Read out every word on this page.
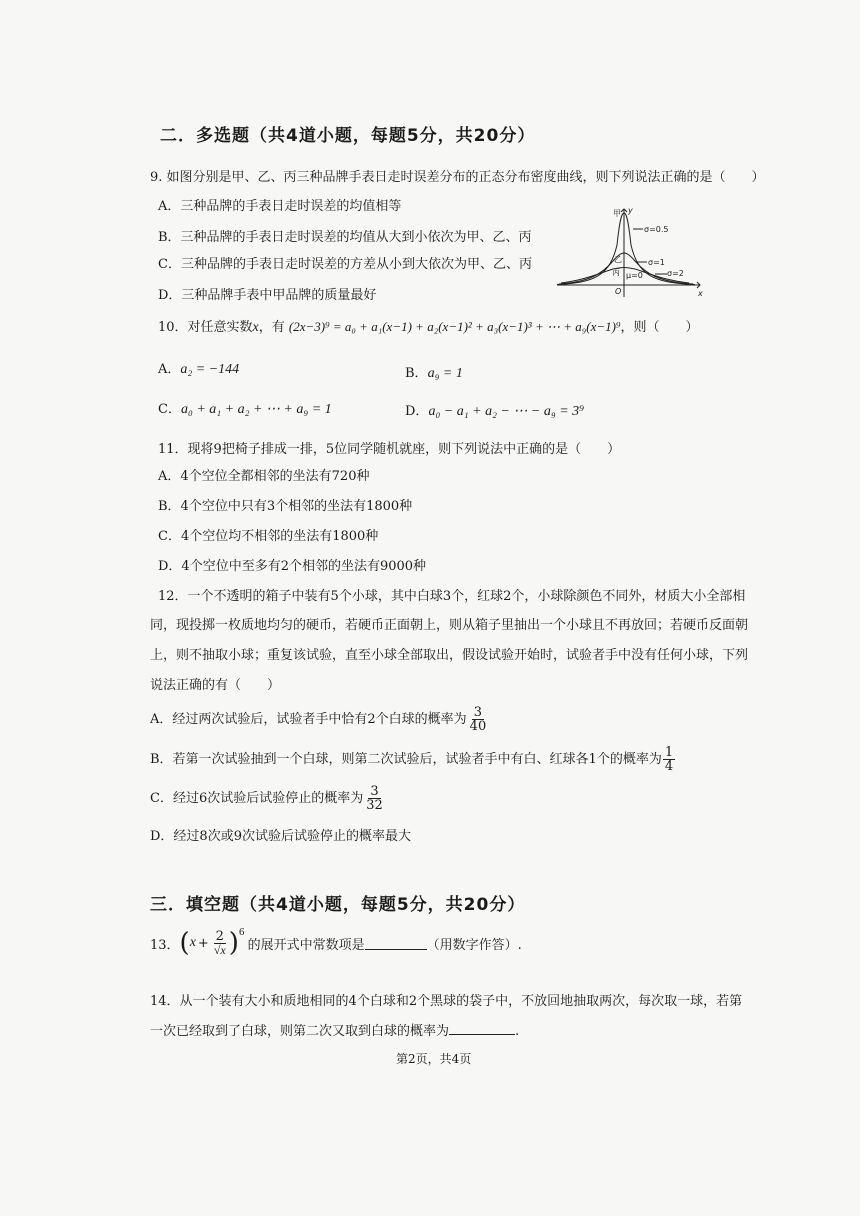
二．多选题（共4道小题，每题5分，共20分）
9. 如图分别是甲、乙、丙三种品牌手表日走时误差分布的正态分布密度曲线，则下列说法正确的是（　　）
A．三种品牌的手表日走时误差的均值相等
B．三种品牌的手表日走时误差的均值从大到小依次为甲、乙、丙
C．三种品牌的手表日走时误差的方差从小到大依次为甲、乙、丙
D．三种品牌手表中甲品牌的质量最好
甲 y
σ=0.5
乙	σ=1
丙 μ=0	σ=2
O	x
10．对任意实数x，有 (2x−3)⁹ = a₀ + a₁(x−1) + a₂(x−1)² + a₃(x−1)³ + ⋯ + a₉(x−1)⁹，则（　　）
A．a₂ = −144	B．a₉ = 1
C．a₀ + a₁ + a₂ + ⋯ + a₉ = 1	D．a₀ − a₁ + a₂ − ⋯ − a₉ = 3⁹
11．现将9把椅子排成一排，5位同学随机就座，则下列说法中正确的是（　　）
A．4个空位全都相邻的坐法有720种
B．4个空位中只有3个相邻的坐法有1800种
C．4个空位均不相邻的坐法有1800种
D．4个空位中至多有2个相邻的坐法有9000种
12．一个不透明的箱子中装有5个小球，其中白球3个，红球2个，小球除颜色不同外，材质大小全部相
同，现投掷一枚质地均匀的硬币，若硬币正面朝上，则从箱子里抽出一个小球且不再放回；若硬币反面朝
上，则不抽取小球；重复该试验，直至小球全部取出，假设试验开始时，试验者手中没有任何小球，下列
说法正确的有（　　）
A．经过两次试验后，试验者手中恰有2个白球的概率为 $\frac{3}{40}$
B．若第一次试验抽到一个白球，则第二次试验后，试验者手中有白、红球各1个的概率为 $\frac{1}{4}$
C．经过6次试验后试验停止的概率为 $\frac{3}{32}$
D．经过8次或9次试验后试验停止的概率最大
三．填空题（共4道小题，每题5分，共20分）
13． ( $x + \frac{2}{√x}$ ) 6
的展开式中常数项是	（用数字作答）.
14．从一个装有大小和质地相同的4个白球和2个黑球的袋子中，不放回地抽取两次，每次取一球，若第
一次已经取到了白球，则第二次又取到白球的概率为	.
第2页，共4页
